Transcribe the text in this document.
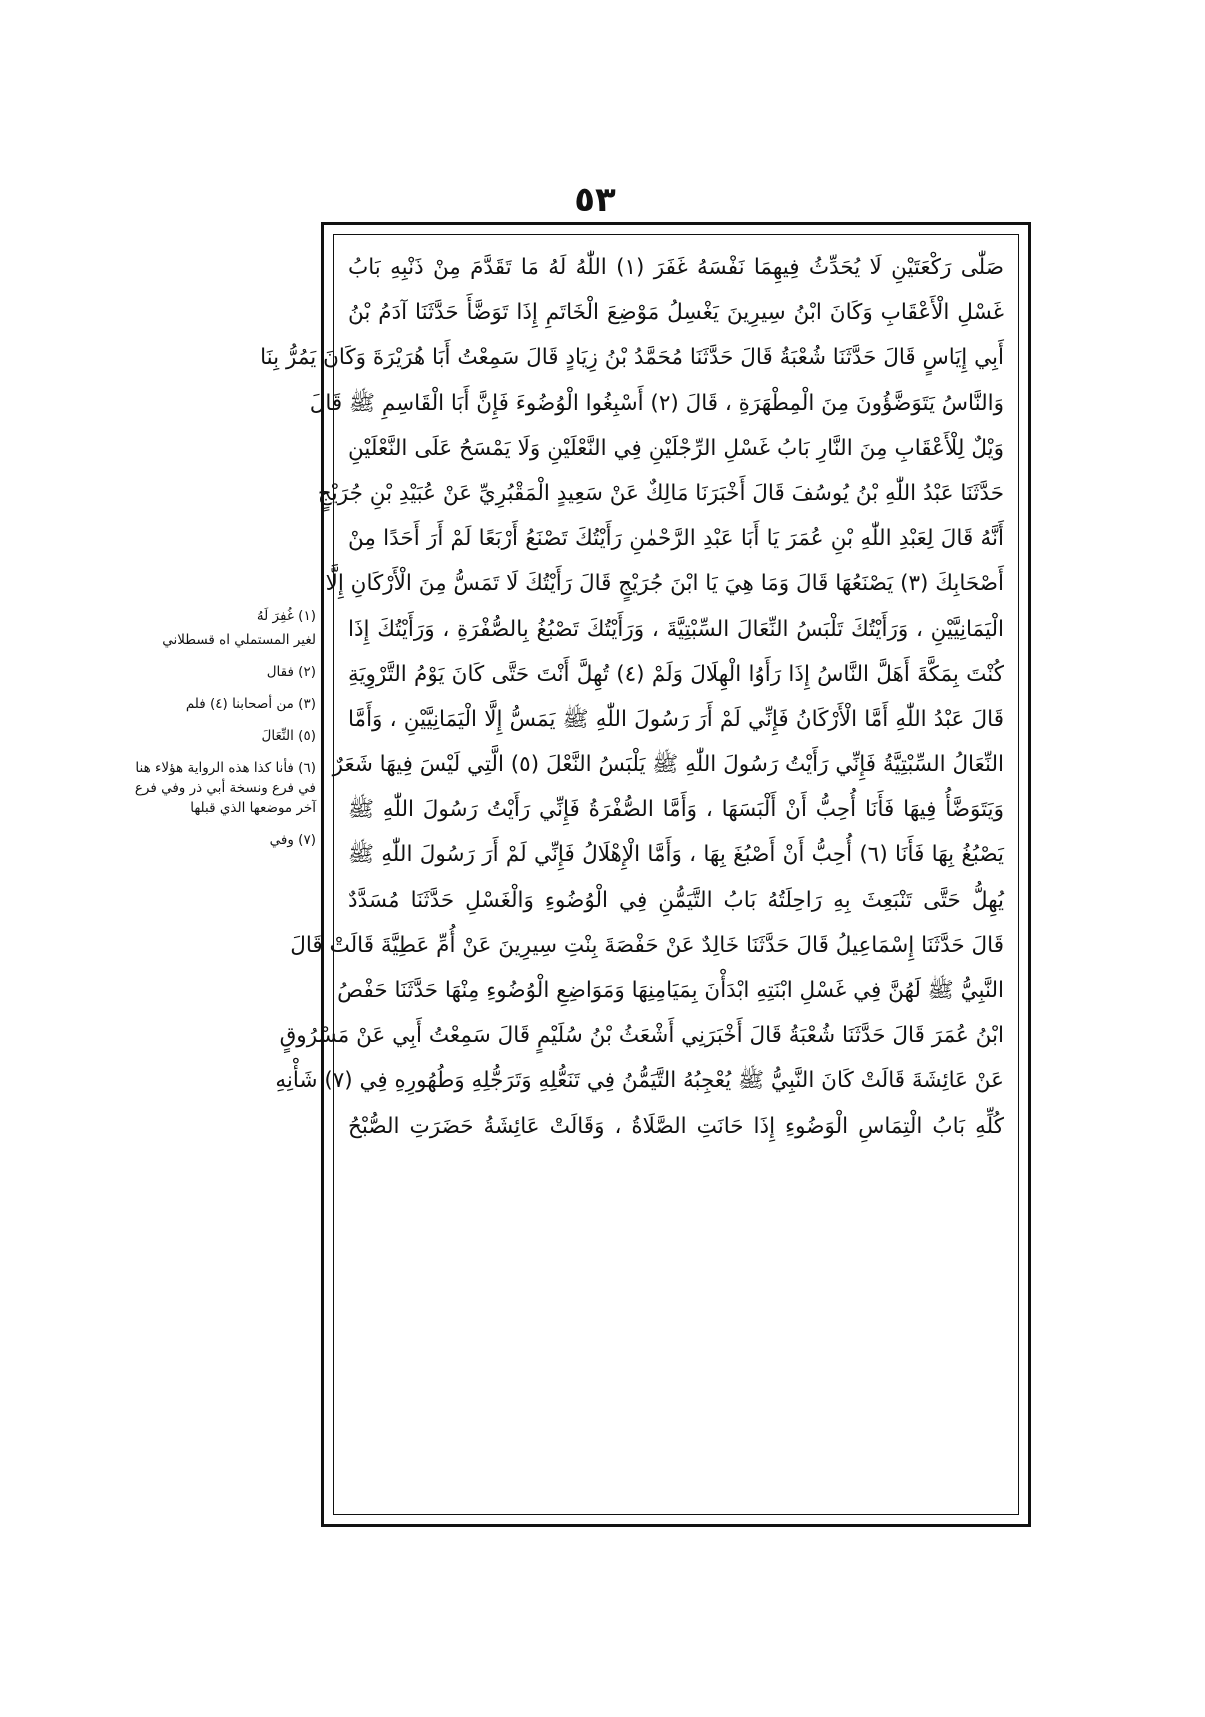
٥٣
صَلّٰى رَكْعَتَيْنِ لَا يُحَدِّثُ فِيهِمَا نَفْسَهُ غَفَرَ (١) اللّٰهُ لَهُ مَا تَقَدَّمَ مِنْ ذَنْبِهِ بَابُ
غَسْلِ الْأَعْقَابِ وَكَانَ ابْنُ سِيرِينَ يَغْسِلُ مَوْضِعَ الْخَاتَمِ إِذَا تَوَضَّأَ حَدَّثَنَا آدَمُ بْنُ
أَبِي إِيَاسٍ قَالَ حَدَّثَنَا شُعْبَةُ قَالَ حَدَّثَنَا مُحَمَّدُ بْنُ زِيَادٍ قَالَ سَمِعْتُ أَبَا هُرَيْرَةَ وَكَانَ يَمُرُّ بِنَا
وَالنَّاسُ يَتَوَضَّؤُونَ مِنَ الْمِطْهَرَةِ ، قَالَ (٢) أَسْبِغُوا الْوُضُوءَ فَإِنَّ أَبَا الْقَاسِمِ ﷺ قَالَ
وَيْلٌ لِلْأَعْقَابِ مِنَ النَّارِ بَابُ غَسْلِ الرِّجْلَيْنِ فِي النَّعْلَيْنِ وَلَا يَمْسَحُ عَلَى النَّعْلَيْنِ
حَدَّثَنَا عَبْدُ اللّٰهِ بْنُ يُوسُفَ قَالَ أَخْبَرَنَا مَالِكٌ عَنْ سَعِيدٍ الْمَقْبُرِيِّ عَنْ عُبَيْدِ بْنِ جُرَيْجٍ
أَنَّهُ قَالَ لِعَبْدِ اللّٰهِ بْنِ عُمَرَ يَا أَبَا عَبْدِ الرَّحْمٰنِ رَأَيْتُكَ تَصْنَعُ أَرْبَعًا لَمْ أَرَ أَحَدًا مِنْ
أَصْحَابِكَ (٣) يَصْنَعُهَا قَالَ وَمَا هِيَ يَا ابْنَ جُرَيْجٍ قَالَ رَأَيْتُكَ لَا تَمَسُّ مِنَ الْأَرْكَانِ إِلَّا
الْيَمَانِيَّيْنِ ، وَرَأَيْتُكَ تَلْبَسُ النِّعَالَ السِّبْتِيَّةَ ، وَرَأَيْتُكَ تَصْبُغُ بِالصُّفْرَةِ ، وَرَأَيْتُكَ إِذَا
كُنْتَ بِمَكَّةَ أَهَلَّ النَّاسُ إِذَا رَأَوُا الْهِلَالَ وَلَمْ (٤) تُهِلَّ أَنْتَ حَتَّى كَانَ يَوْمُ التَّرْوِيَةِ
قَالَ عَبْدُ اللّٰهِ أَمَّا الْأَرْكَانُ فَإِنِّي لَمْ أَرَ رَسُولَ اللّٰهِ ﷺ يَمَسُّ إِلَّا الْيَمَانِيَّيْنِ ، وَأَمَّا
النِّعَالُ السِّبْتِيَّةُ فَإِنِّي رَأَيْتُ رَسُولَ اللّٰهِ ﷺ يَلْبَسُ النَّعْلَ (٥) الَّتِي لَيْسَ فِيهَا شَعَرٌ
وَيَتَوَضَّأُ فِيهَا فَأَنَا أُحِبُّ أَنْ أَلْبَسَهَا ، وَأَمَّا الصُّفْرَةُ فَإِنِّي رَأَيْتُ رَسُولَ اللّٰهِ ﷺ
يَصْبُغُ بِهَا فَأَنَا (٦) أُحِبُّ أَنْ أَصْبُغَ بِهَا ، وَأَمَّا الْإِهْلَالُ فَإِنِّي لَمْ أَرَ رَسُولَ اللّٰهِ ﷺ
يُهِلُّ حَتَّى تَنْبَعِثَ بِهِ رَاحِلَتُهُ بَابُ التَّيَمُّنِ فِي الْوُضُوءِ وَالْغَسْلِ حَدَّثَنَا مُسَدَّدٌ
قَالَ حَدَّثَنَا إِسْمَاعِيلُ قَالَ حَدَّثَنَا خَالِدٌ عَنْ حَفْصَةَ بِنْتِ سِيرِينَ عَنْ أُمِّ عَطِيَّةَ قَالَتْ قَالَ
النَّبِيُّ ﷺ لَهُنَّ فِي غَسْلِ ابْنَتِهِ ابْدَأْنَ بِمَيَامِنِهَا وَمَوَاضِعِ الْوُضُوءِ مِنْهَا حَدَّثَنَا حَفْصُ
ابْنُ عُمَرَ قَالَ حَدَّثَنَا شُعْبَةُ قَالَ أَخْبَرَنِي أَشْعَثُ بْنُ سُلَيْمٍ قَالَ سَمِعْتُ أَبِي عَنْ مَسْرُوقٍ
عَنْ عَائِشَةَ قَالَتْ كَانَ النَّبِيُّ ﷺ يُعْجِبُهُ التَّيَمُّنُ فِي تَنَعُّلِهِ وَتَرَجُّلِهِ وَطُهُورِهِ فِي (٧) شَأْنِهِ
كُلِّهِ بَابُ الْتِمَاسِ الْوَضُوءِ إِذَا حَانَتِ الصَّلَاةُ ، وَقَالَتْ عَائِشَةُ حَضَرَتِ الصُّبْحُ
(١) غُفِرَ لَهُ
لغير المستملي اه قسطلاني
(٢) فقال
(٣) من أصحابنا (٤) فلم
(٥) النِّعَالَ
(٦) فأنا كذا هذه الرواية هؤلاء هنا في فرع ونسخة أبي ذر وفي فرع آخر موضعها الذي قبلها
(٧) وفي
